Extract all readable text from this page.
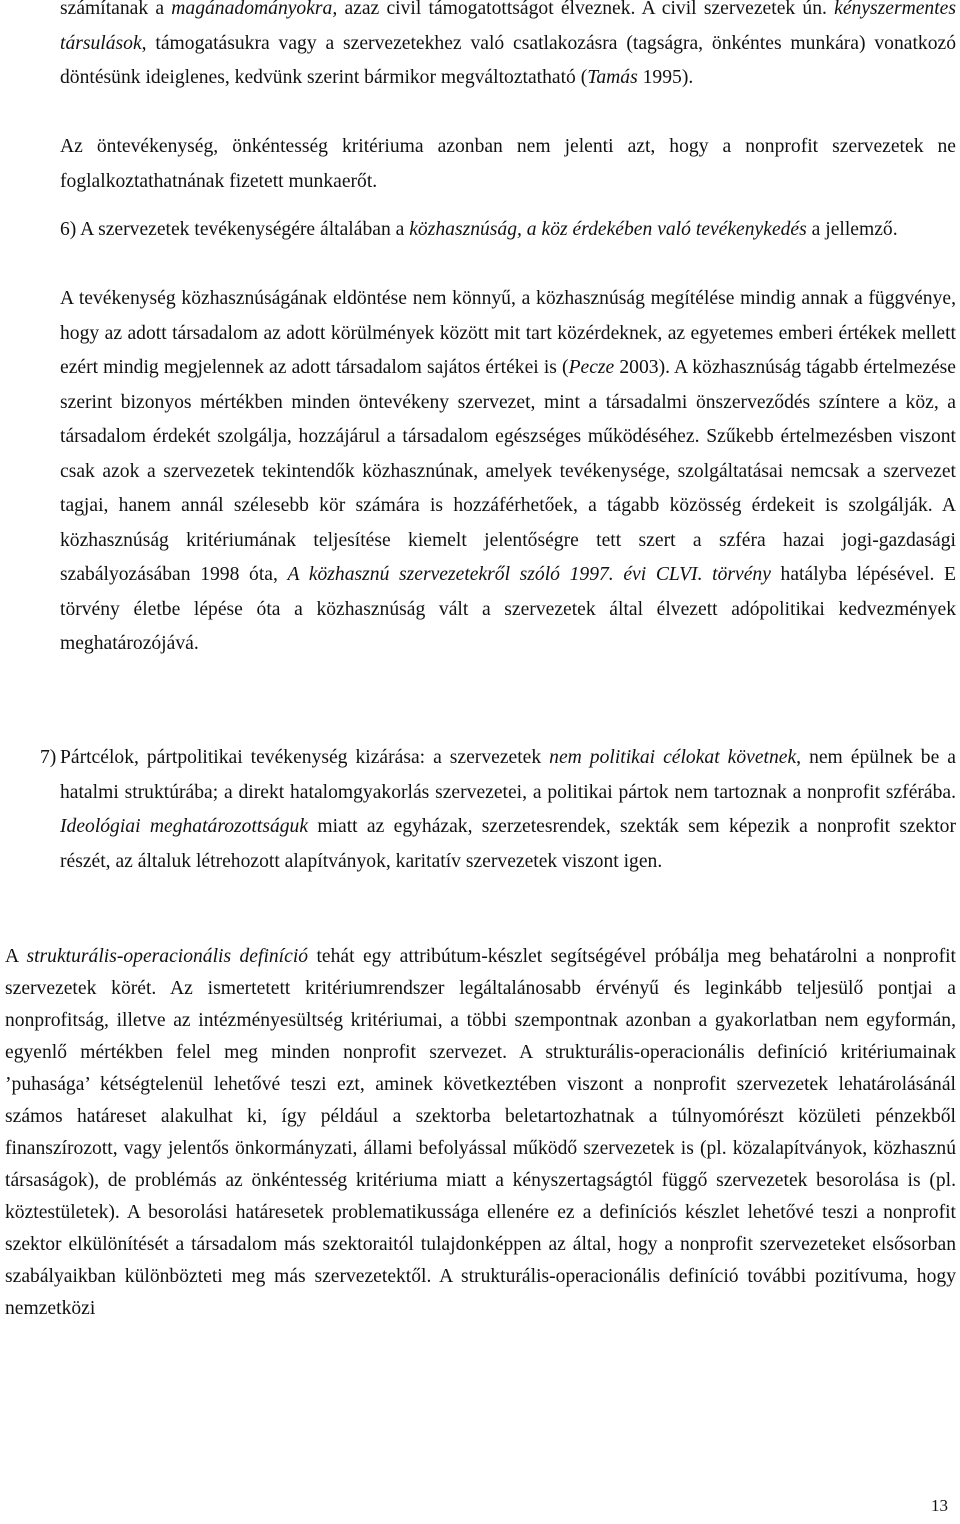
számítanak a magánadományokra, azaz civil támogatottságot élveznek. A civil szervezetek ún. kényszermentes társulások, támogatásukra vagy a szervezetekhez való csatlakozásra (tagságra, önkéntes munkára) vonatkozó döntésünk ideiglenes, kedvünk szerint bármikor megváltoztatható (Tamás 1995).

Az öntevékenység, önkéntesség kritériuma azonban nem jelenti azt, hogy a nonprofit szervezetek ne foglalkoztathatnának fizetett munkaerőt.

6) A szervezetek tevékenységére általában a közhasznúság, a köz érdekében való tevékenykedés a jellemző.

A tevékenység közhasznúságának eldöntése nem könnyű, a közhasznúság megítélése mindig annak a függvénye, hogy az adott társadalom az adott körülmények között mit tart közérdeknek, az egyetemes emberi értékek mellett ezért mindig megjelennek az adott társadalom sajátos értékei is (Pecze 2003). A közhasznúság tágabb értelmezése szerint bizonyos mértékben minden öntevékeny szervezet, mint a társadalmi önszerveződés színtere a köz, a társadalom érdekét szolgálja, hozzájárul a társadalom egészséges működéséhez. Szűkebb értelmezésben viszont csak azok a szervezetek tekintendők közhasznúnak, amelyek tevékenysége, szolgáltatásai nemcsak a szervezet tagjai, hanem annál szélesebb kör számára is hozzáférhetőek, a tágabb közösség érdekeit is szolgálják. A közhasznúság kritériumának teljesítése kiemelt jelentőségre tett szert a szféra hazai jogi-gazdasági szabályozásában 1998 óta, A közhasznú szervezetekről szóló 1997. évi CLVI. törvény hatályba lépésével. E törvény életbe lépése óta a közhasznúság vált a szervezetek által élvezett adópolitikai kedvezmények meghatározójává.

7) Pártcélok, pártpolitikai tevékenység kizárása: a szervezetek nem politikai célokat követnek, nem épülnek be a hatalmi struktúrába; a direkt hatalomgyakorlás szervezetei, a politikai pártok nem tartoznak a nonprofit szférába. Ideológiai meghatározottságuk miatt az egyházak, szerzetesrendek, szekták sem képezik a nonprofit szektor részét, az általuk létrehozott alapítványok, karitatív szervezetek viszont igen.

A strukturális-operacionális definíció tehát egy attribútum-készlet segítségével próbálja meg behatárolni a nonprofit szervezetek körét. Az ismertetett kritériumrendszer legáltalánosabb érvényű és leginkább teljesülő pontjai a nonprofitság, illetve az intézményesültség kritériumai, a többi szempontnak azonban a gyakorlatban nem egyformán, egyenlő mértékben felel meg minden nonprofit szervezet. A strukturális-operacionális definíció kritériumainak ’puhasága’ kétségtelenül lehetővé teszi ezt, aminek következtében viszont a nonprofit szervezetek lehatárolásánál számos határeset alakulhat ki, így például a szektorba beletartozhatnak a túlnyomórészt közületi pénzekből finanszírozott, vagy jelentős önkormányzati, állami befolyással működő szervezetek is (pl. közalapítványok, közhasznú társaságok), de problémás az önkéntesség kritériuma miatt a kényszertagságtól függő szervezetek besorolása is (pl. köztestületek). A besorolási határesetek problematikussága ellenére ez a definíciós készlet lehetővé teszi a nonprofit szektor elkülönítését a társadalom más szektoraitól tulajdonképpen az által, hogy a nonprofit szervezeteket elsősorban szabályaikban különbözteti meg más szervezetektől. A strukturális-operacionális definíció további pozitívuma, hogy nemzetközi

13
